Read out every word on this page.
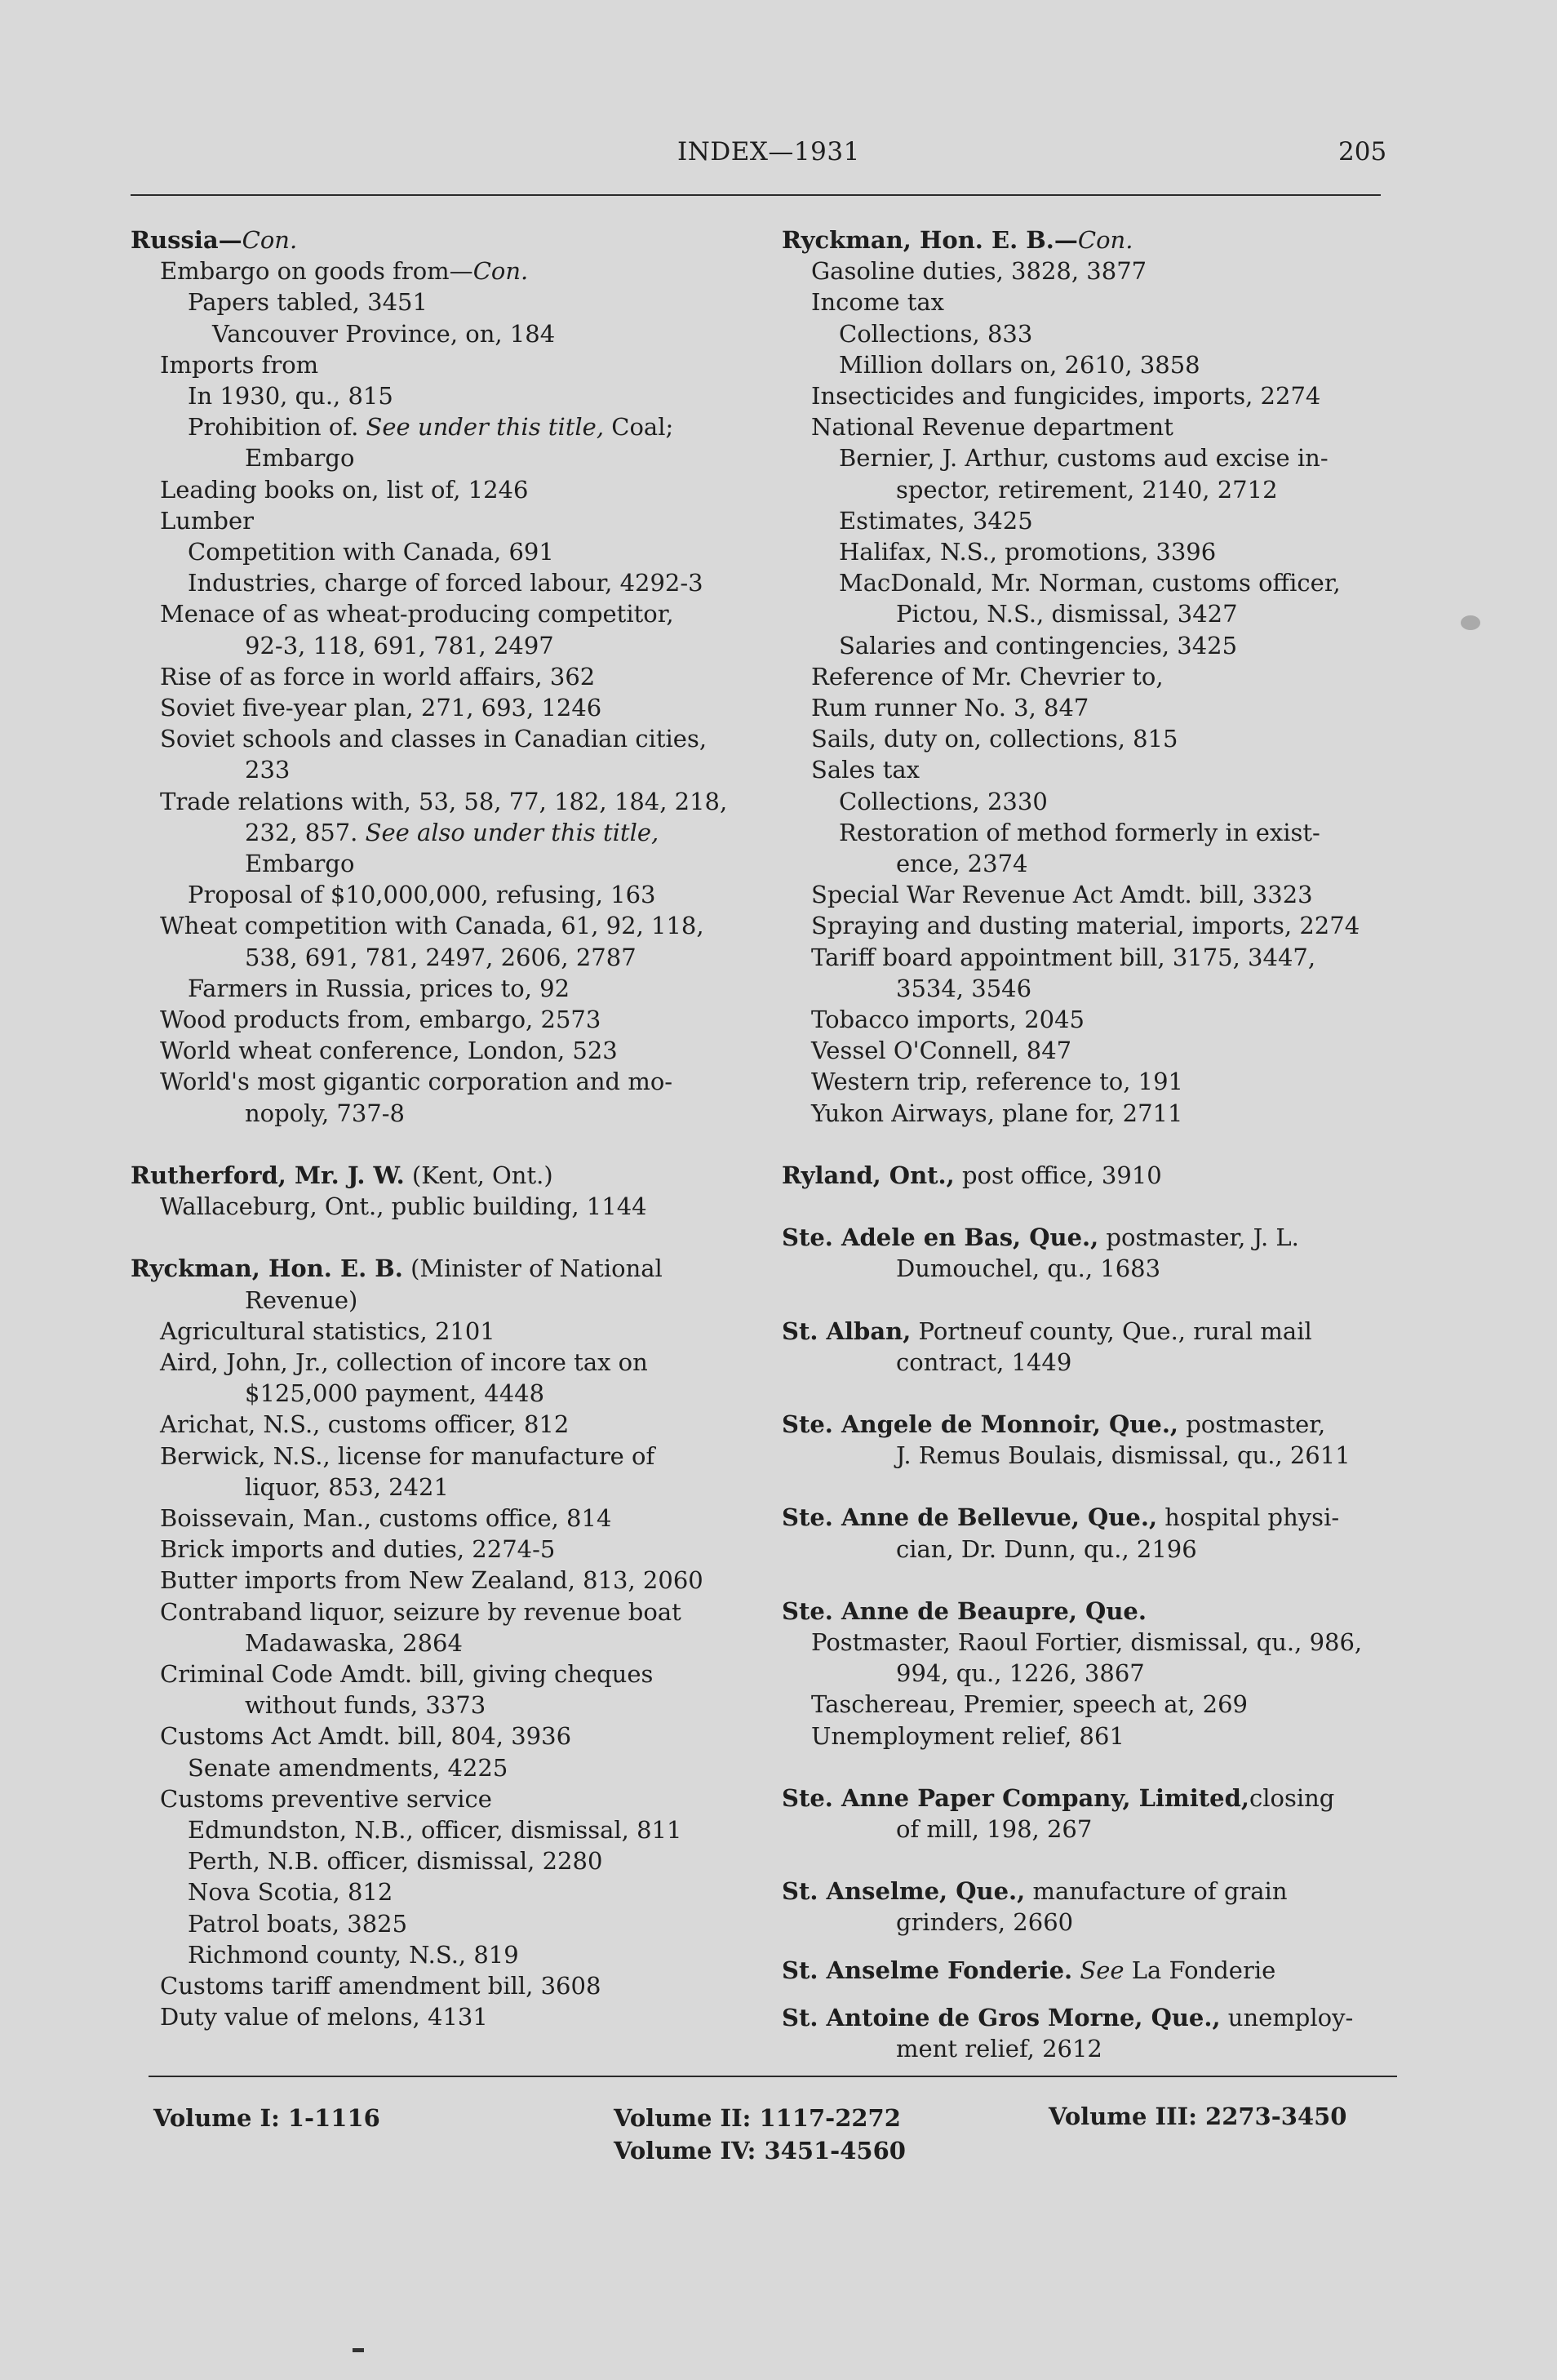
INDEX—1931	205
Russia—Con.
Embargo on goods from—Con.
Papers tabled, 3451
Vancouver Province, on, 184
Imports from
In 1930, qu., 815
Prohibition of. See under this title, Coal;
Embargo
Leading books on, list of, 1246
Lumber
Competition with Canada, 691
Industries, charge of forced labour, 4292-3
Menace of as wheat-producing competitor,
92-3, 118, 691, 781, 2497
Rise of as force in world affairs, 362
Soviet five-year plan, 271, 693, 1246
Soviet schools and classes in Canadian cities,
233
Trade relations with, 53, 58, 77, 182, 184, 218,
232, 857. See also under this title,
Embargo
Proposal of $10,000,000, refusing, 163
Wheat competition with Canada, 61, 92, 118,
538, 691, 781, 2497, 2606, 2787
Farmers in Russia, prices to, 92
Wood products from, embargo, 2573
World wheat conference, London, 523
World's most gigantic corporation and mo-
nopoly, 737-8
Rutherford, Mr. J. W. (Kent, Ont.)
Wallaceburg, Ont., public building, 1144
Ryckman, Hon. E. B. (Minister of National
Revenue)
Agricultural statistics, 2101
Aird, John, Jr., collection of incore tax on
$125,000 payment, 4448
Arichat, N.S., customs officer, 812
Berwick, N.S., license for manufacture of
liquor, 853, 2421
Boissevain, Man., customs office, 814
Brick imports and duties, 2274-5
Butter imports from New Zealand, 813, 2060
Contraband liquor, seizure by revenue boat
Madawaska, 2864
Criminal Code Amdt. bill, giving cheques
without funds, 3373
Customs Act Amdt. bill, 804, 3936
Senate amendments, 4225
Customs preventive service
Edmundston, N.B., officer, dismissal, 811
Perth, N.B. officer, dismissal, 2280
Nova Scotia, 812
Patrol boats, 3825
Richmond county, N.S., 819
Customs tariff amendment bill, 3608
Duty value of melons, 4131
Ryckman, Hon. E. B.—Con.
Gasoline duties, 3828, 3877
Income tax
Collections, 833
Million dollars on, 2610, 3858
Insecticides and fungicides, imports, 2274
National Revenue department
Bernier, J. Arthur, customs aud excise in-
spector, retirement, 2140, 2712
Estimates, 3425
Halifax, N.S., promotions, 3396
MacDonald, Mr. Norman, customs officer,
Pictou, N.S., dismissal, 3427
Salaries and contingencies, 3425
Reference of Mr. Chevrier to,
Rum runner No. 3, 847
Sails, duty on, collections, 815
Sales tax
Collections, 2330
Restoration of method formerly in exist-
ence, 2374
Special War Revenue Act Amdt. bill, 3323
Spraying and dusting material, imports, 2274
Tariff board appointment bill, 3175, 3447,
3534, 3546
Tobacco imports, 2045
Vessel O'Connell, 847
Western trip, reference to, 191
Yukon Airways, plane for, 2711
Ryland, Ont., post office, 3910
Ste. Adele en Bas, Que., postmaster, J. L.
Dumouchel, qu., 1683
St. Alban, Portneuf county, Que., rural mail
contract, 1449
Ste. Angele de Monnoir, Que., postmaster,
J. Remus Boulais, dismissal, qu., 2611
Ste. Anne de Bellevue, Que., hospital physi-
cian, Dr. Dunn, qu., 2196
Ste. Anne de Beaupre, Que.
Postmaster, Raoul Fortier, dismissal, qu., 986,
994, qu., 1226, 3867
Taschereau, Premier, speech at, 269
Unemployment relief, 861
Ste. Anne Paper Company, Limited,closing
of mill, 198, 267
St. Anselme, Que., manufacture of grain
grinders, 2660
St. Anselme Fonderie. See La Fonderie
St. Antoine de Gros Morne, Que., unemploy-
ment relief, 2612
Volume I: 1-1116	Volume II: 1117-2272	Volume III: 2273-3450
Volume IV: 3451-4560
